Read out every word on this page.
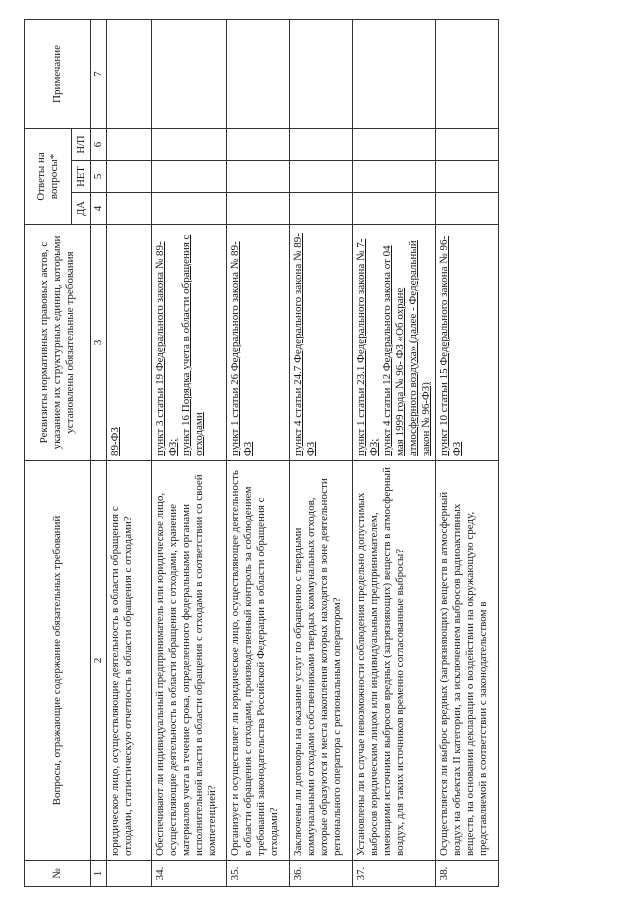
№	Вопросы, отражающие содержание обязательных требований	Реквизиты нормативных правовых актов, с указанием их структурных единиц, которыми установлены обязательные требования	Ответы на вопросы*			Примечание
			ДА	НЕТ	Н/П	
1	2	3	4	5	6	7
	юридическое лицо, осуществляющие деятельность в области обращения с отходами, статистическую отчетность в области обращения с отходами?	89-ФЗ				

34.	Обеспечивают ли индивидуальный предприниматель или юридическое лицо, осуществляющие деятельность в области обращения с отходами, хранение материалов учета в течение срока, определенного федеральными органами исполнительной власти в области обращения с отходами в соответствии со своей компетенцией?	пункт 3 статьи 19 Федерального закона № 89-ФЗ; пункт 16 Порядка учета в области обращения с отходами				

35.	Организует и осуществляет ли юридическое лицо, осуществляющее деятельность в области обращения с отходами, производственный контроль за соблюдением требований законодательства Российской Федерации в области обращения с отходами?	пункт 1 статьи 26 Федерального закона № 89-ФЗ				

36.	Заключены ли договоры на оказание услуг по обращению с твердыми коммунальными отходами собственниками твердых коммунальных отходов, которые образуются и места накопления которых находятся в зоне деятельности регионального оператора с региональным оператором?	пункт 4 статьи 24.7 Федерального закона № 89-ФЗ				

37.	Установлены ли в случае невозможности соблюдения предельно допустимых выбросов юридическим лицом или индивидуальным предпринимателем, имеющими источники выбросов вредных (загрязняющих) веществ в атмосферный воздух, для таких источников временно согласованные выбросы?	пункт 1 статьи 23.1 Федерального закона № 7-ФЗ; пункт 4 статьи 12 Федерального закона от 04 мая 1999 года № 96- ФЗ «Об охране атмосферного воздуха» (далее - Федеральный закон № 96-ФЗ)				

38.	Осуществляется ли выброс вредных (загрязняющих) веществ в атмосферный воздух на объектах II категории, за исключением выбросов радиоактивных веществ, на основании декларации о воздействии на окружающую среду, представляемой в соответствии с законодательством в	пункт 10 статьи 15 Федерального закона № 96-ФЗ				
